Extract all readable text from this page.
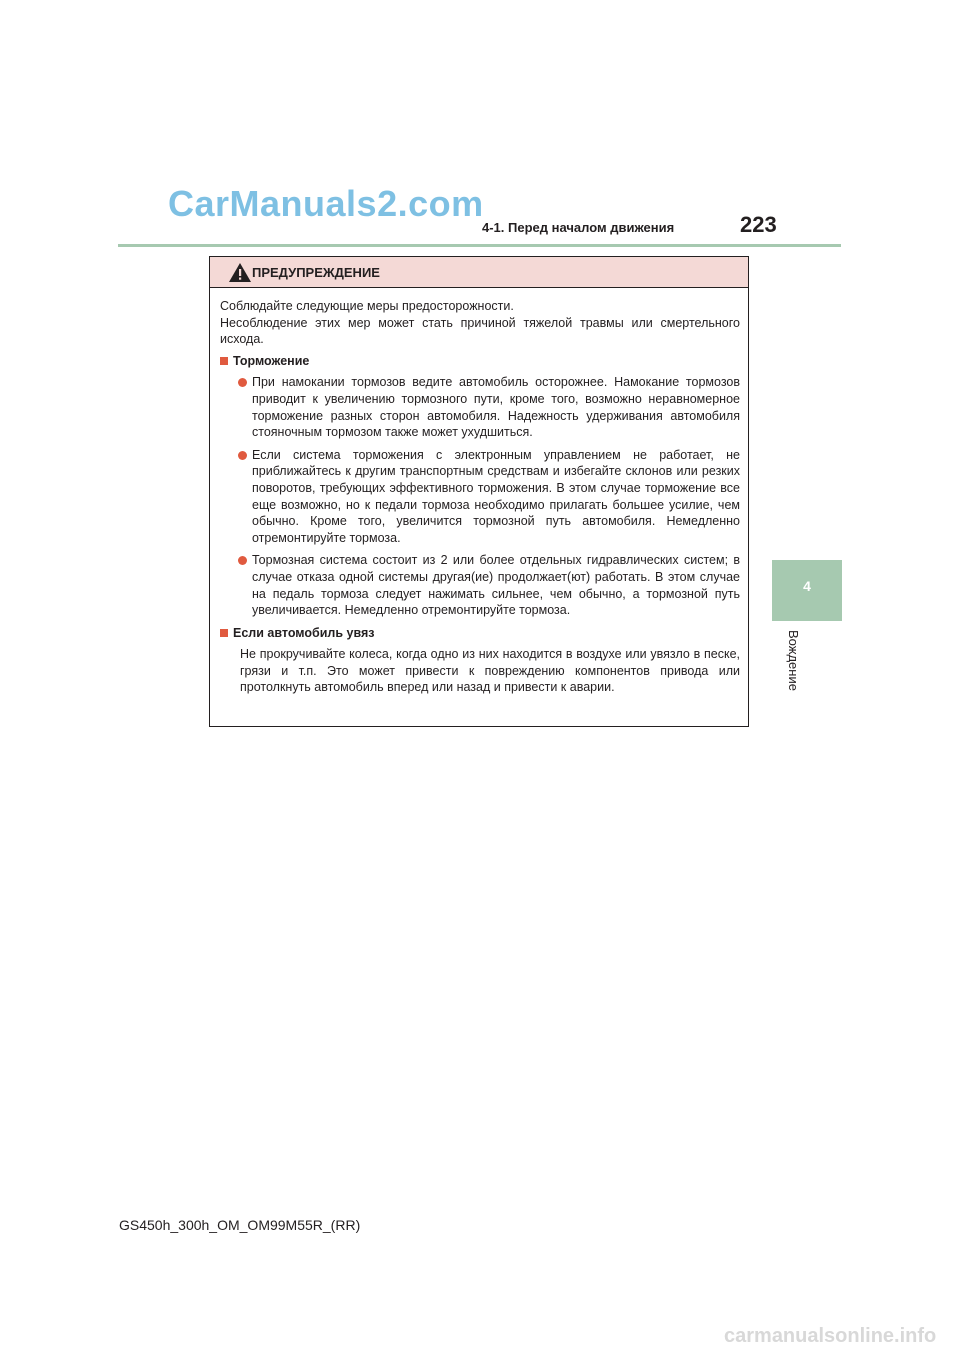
CarManuals2.com
4-1. Перед началом движения	223
4
Вождение
ПРЕДУПРЕЖДЕНИЕ

Соблюдайте следующие меры предосторожности.

Несоблюдение этих мер может стать причиной тяжелой травмы или смертельного исхода.

Торможение
При намокании тормозов ведите автомобиль осторожнее. Намокание тормозов приводит к увеличению тормозного пути, кроме того, возможно неравномерное торможение разных сторон автомобиля. Надежность удерживания автомобиля стояночным тормозом также может ухудшиться.
Если система торможения с электронным управлением не работает, не приближайтесь к другим транспортным средствам и избегайте склонов или резких поворотов, требующих эффективного торможения. В этом случае торможение все еще возможно, но к педали тормоза необходимо прилагать большее усилие, чем обычно. Кроме того, увеличится тормозной путь автомобиля. Немедленно отремонтируйте тормоза.
Тормозная система состоит из 2 или более отдельных гидравлических систем; в случае отказа одной системы другая(ие) продолжает(ют) работать. В этом случае на педаль тормоза следует нажимать сильнее, чем обычно, а тормозной путь увеличивается. Немедленно отремонтируйте тормоза.
Если автомобиль увяз

Не прокручивайте колеса, когда одно из них находится в воздухе или увязло в песке, грязи и т.п. Это может привести к повреждению компонентов привода или протолкнуть автомобиль вперед или назад и привести к аварии.

GS450h_300h_OM_OM99M55R_(RR)
carmanualsonline.info
